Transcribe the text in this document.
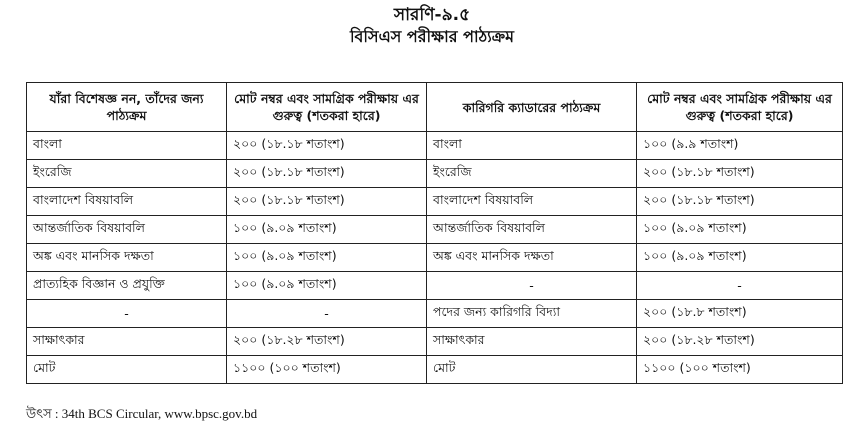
সারণি-৯.৫
বিসিএস পরীক্ষার পাঠ্যক্রম
যাঁরা বিশেষজ্ঞ নন, তাঁদের জন্য পাঠ্যক্রম	মোট নম্বর এবং সামগ্রিক পরীক্ষায় এর গুরুত্ব (শতকরা হারে)	কারিগরি ক্যাডারের পাঠ্যক্রম	মোট নম্বর এবং সামগ্রিক পরীক্ষায় এর গুরুত্ব (শতকরা হারে)
বাংলা	২০০ (১৮.১৮ শতাংশ)	বাংলা	১০০ (৯.৯ শতাংশ)
ইংরেজি	২০০ (১৮.১৮ শতাংশ)	ইংরেজি	২০০ (১৮.১৮ শতাংশ)
বাংলাদেশ বিষয়াবলি	২০০ (১৮.১৮ শতাংশ)	বাংলাদেশ বিষয়াবলি	২০০ (১৮.১৮ শতাংশ)
আন্তর্জাতিক বিষয়াবলি	১০০ (৯.০৯ শতাংশ)	আন্তর্জাতিক বিষয়াবলি	১০০ (৯.০৯ শতাংশ)
অঙ্ক এবং মানসিক দক্ষতা	১০০ (৯.০৯ শতাংশ)	অঙ্ক এবং মানসিক দক্ষতা	১০০ (৯.০৯ শতাংশ)
প্রাত্যহিক বিজ্ঞান ও প্রযুক্তি	১০০ (৯.০৯ শতাংশ)	-	-
-	-	পদের জন্য কারিগরি বিদ্যা	২০০ (১৮.৮ শতাংশ)
সাক্ষাৎকার	২০০ (১৮.২৮ শতাংশ)	সাক্ষাৎকার	২০০ (১৮.২৮ শতাংশ)
মোট	১১০০ (১০০ শতাংশ)	মোট	১১০০ (১০০ শতাংশ)
উৎস : 34th BCS Circular, www.bpsc.gov.bd
